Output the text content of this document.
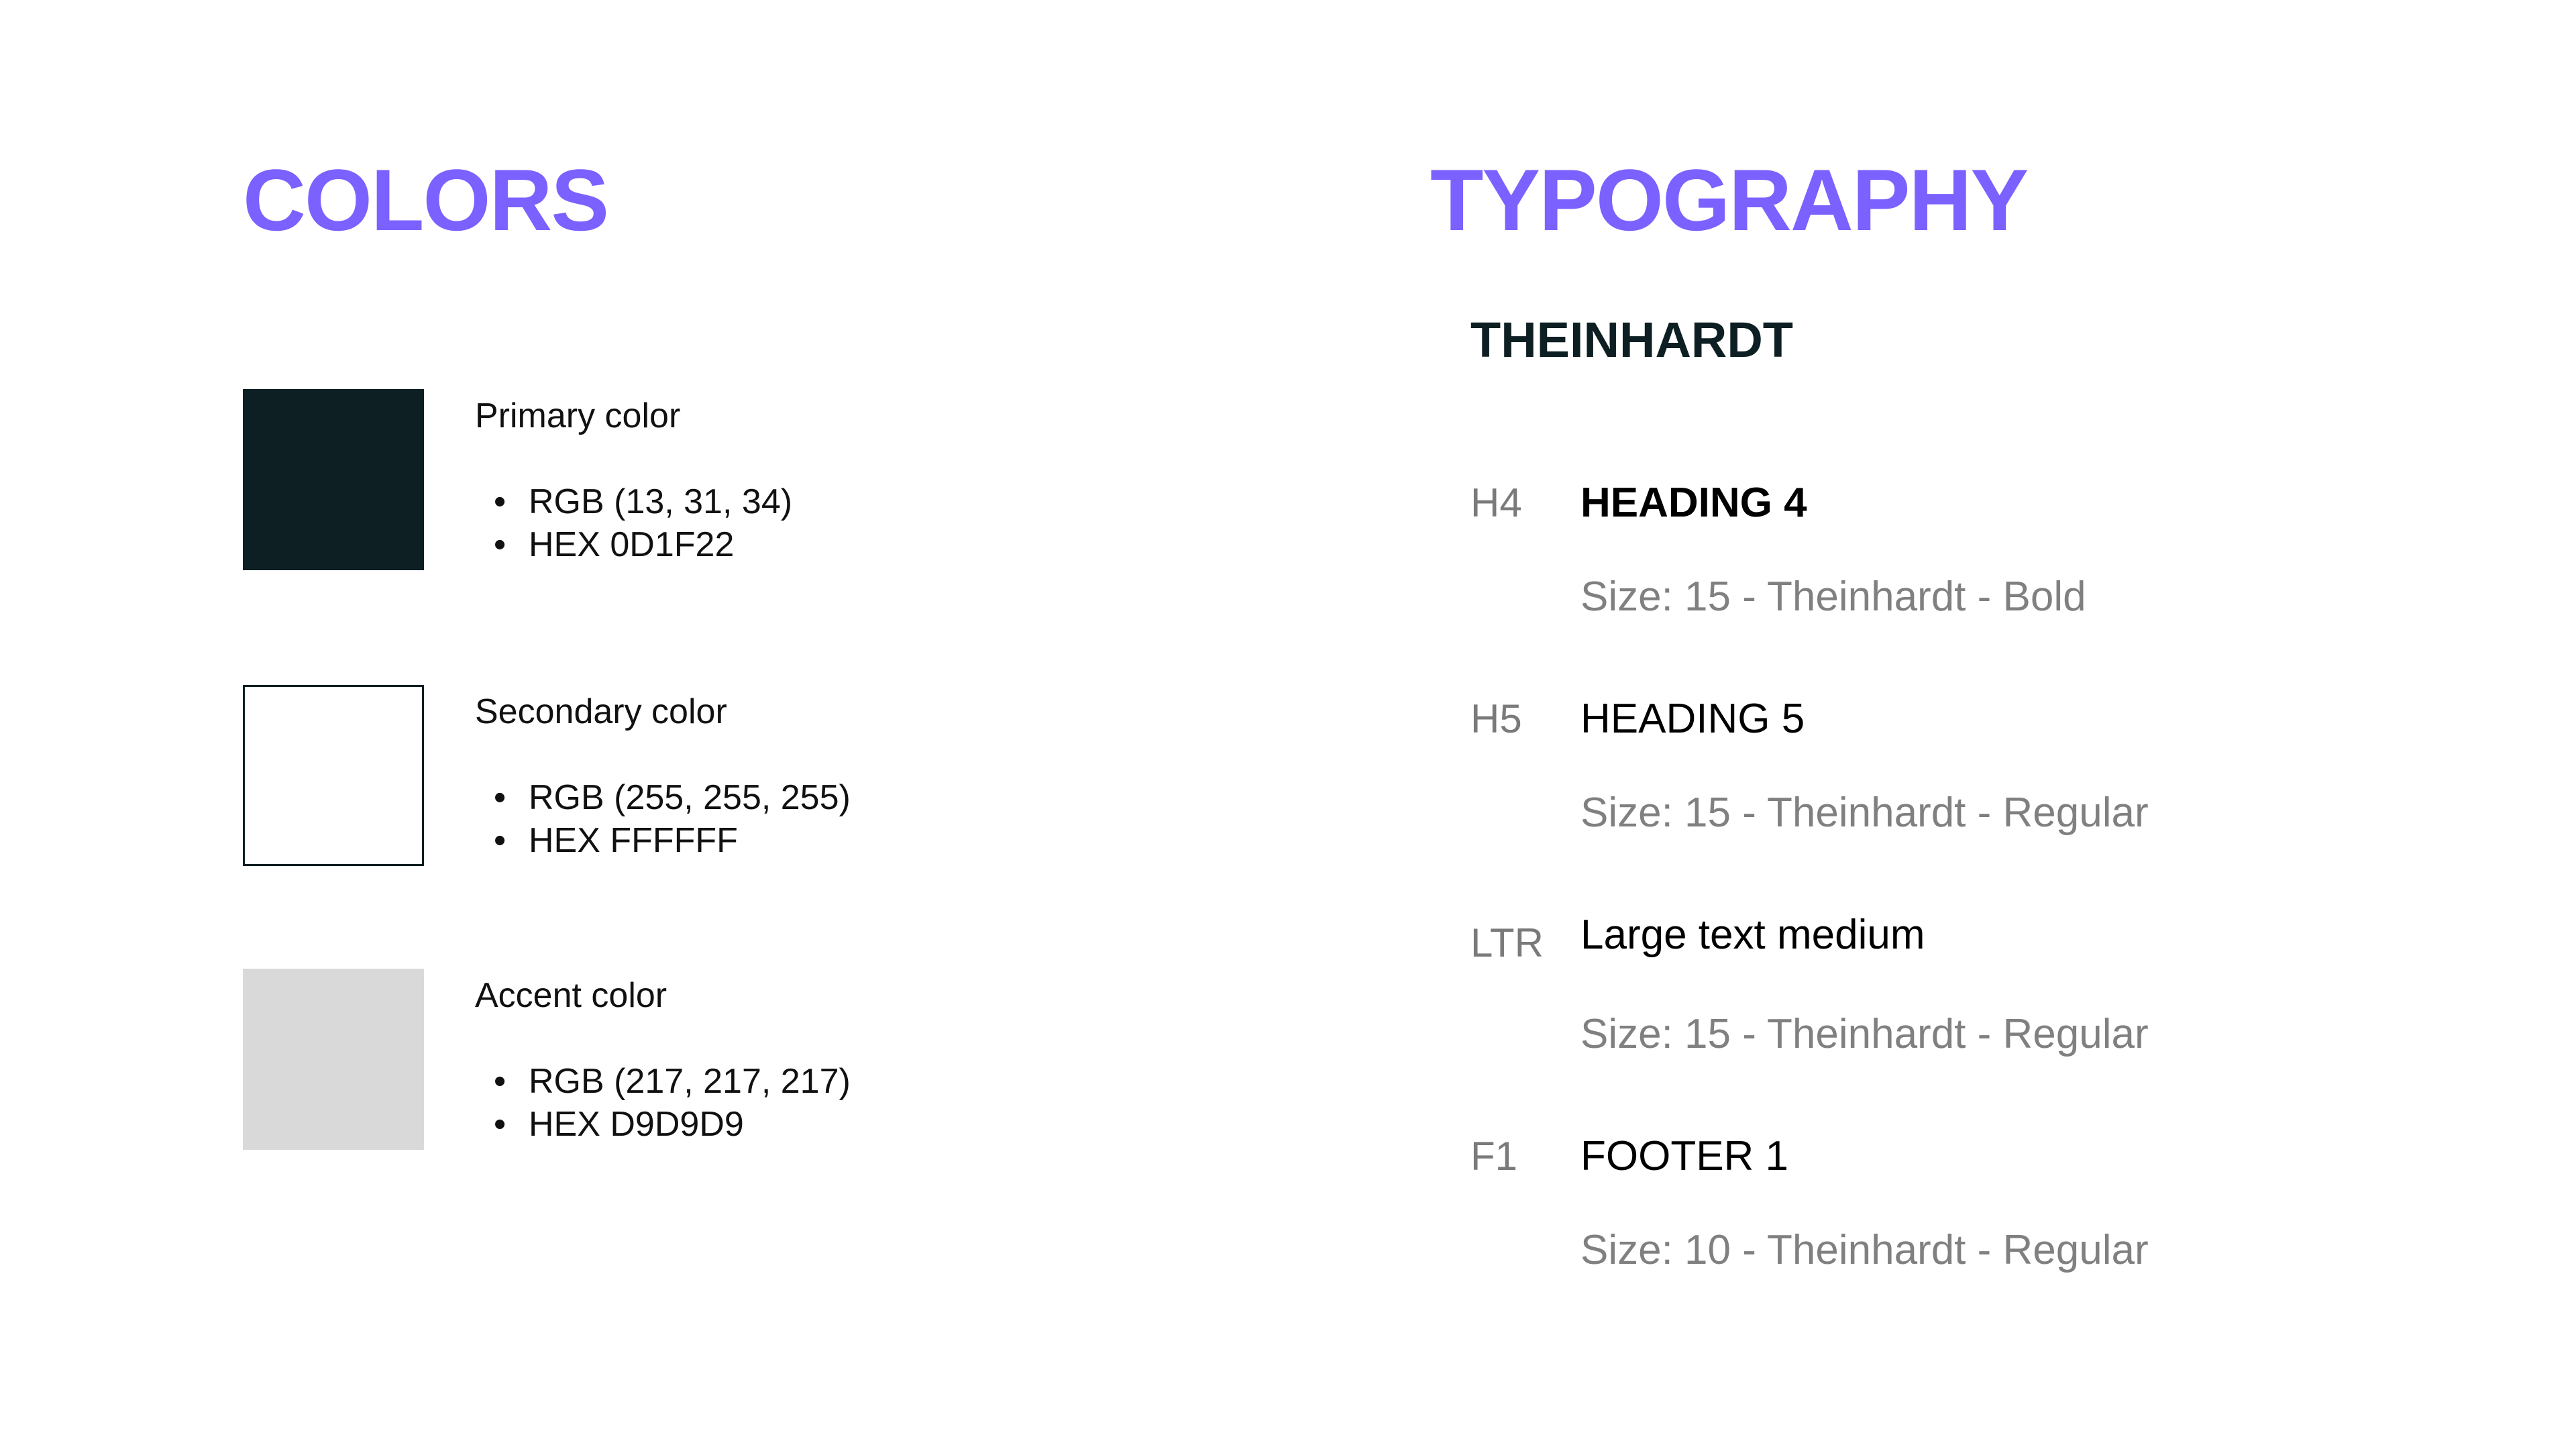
COLORS

Primary color

• RGB (13, 31, 34)
• HEX 0D1F22

Secondary color

• RGB (255, 255, 255)
• HEX FFFFFF

Accent color

• RGB (217, 217, 217)
• HEX D9D9D9
TYPOGRAPHY
THEINHARDT
H4 HEADING 4
Size: 15 - Theinhardt - Bold
H5 HEADING 5
Size: 15 - Theinhardt - Regular
LTR Large text medium
Size: 15 - Theinhardt - Regular
F1 FOOTER 1
Size: 10 - Theinhardt - Regular
